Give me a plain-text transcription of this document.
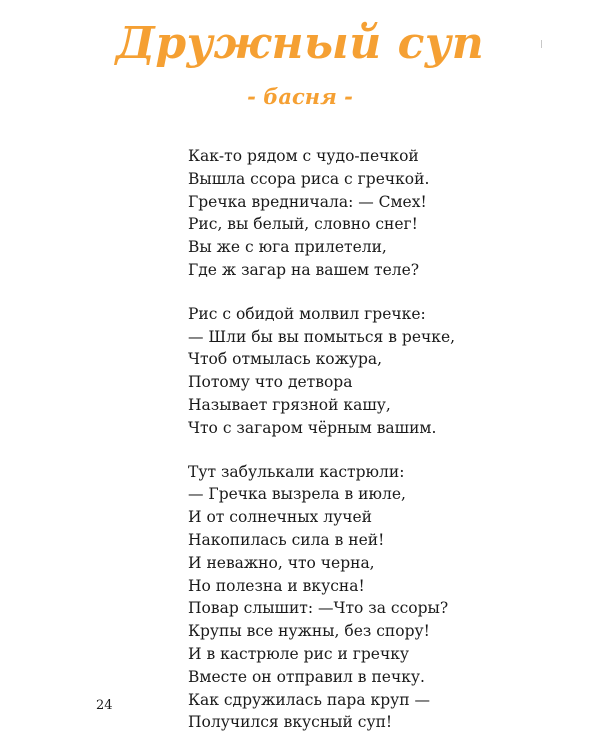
Дружный суп
- басня -
Как-то рядом с чудо-печкой
Вышла ссора риса с гречкой.
Гречка вредничала: — Смех!
Рис, вы белый, словно снег!
Вы же с юга прилетели,
Где ж загар на вашем теле?
Рис с обидой молвил гречке:
— Шли бы вы помыться в речке,
Чтоб отмылась кожура,
Потому что детвора
Называет грязной кашу,
Что с загаром чёрным вашим.
Тут забулькали кастрюли:
— Гречка вызрела в июле,
И от солнечных лучей
Накопилась сила в ней!
И неважно, что черна,
Но полезна и вкусна!
Повар слышит: —Что за ссоры?
Крупы все нужны, без спору!
И в кастрюле рис и гречку
Вместе он отправил в печку.
Как сдружилась пара круп —
Получился вкусный суп!
24
